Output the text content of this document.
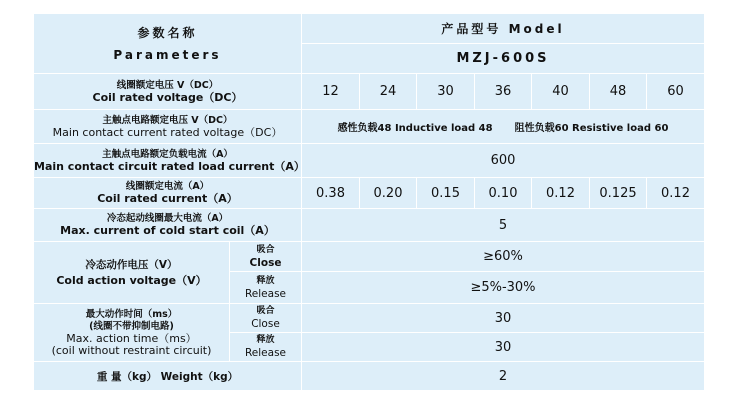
参数名称
Parameters
产品型号 Model
MZJ-600S
线圈额定电压 V（DC）
Coil rated voltage（DC）	12	24	30	36	40	48	60
主触点电路额定电压 V（DC）
Main contact current rated voltage（DC）	感性负载48 Inductive load 48 阻性负载60 Resistive load 60
主触点电路额定负载电流（A）
Main contact circuit rated load current（A）	600
线圈额定电流（A）
Coil rated current（A）	0.38 0.20 0.15 0.10 0.12 0.125 0.12
冷态起动线圈最大电流（A）
Max. current of cold start coil（A）	5
冷态动作电压（V）
Cold action voltage（V）
吸合
Close	≥60%
释放
Release	≥5%-30%
最大动作时间（ms）
(线圈不带抑制电路)
Max. action time（ms）
(coil without restraint circuit)
吸合
Close	30
释放
Release	30
重 量（kg） Weight（kg）	2
